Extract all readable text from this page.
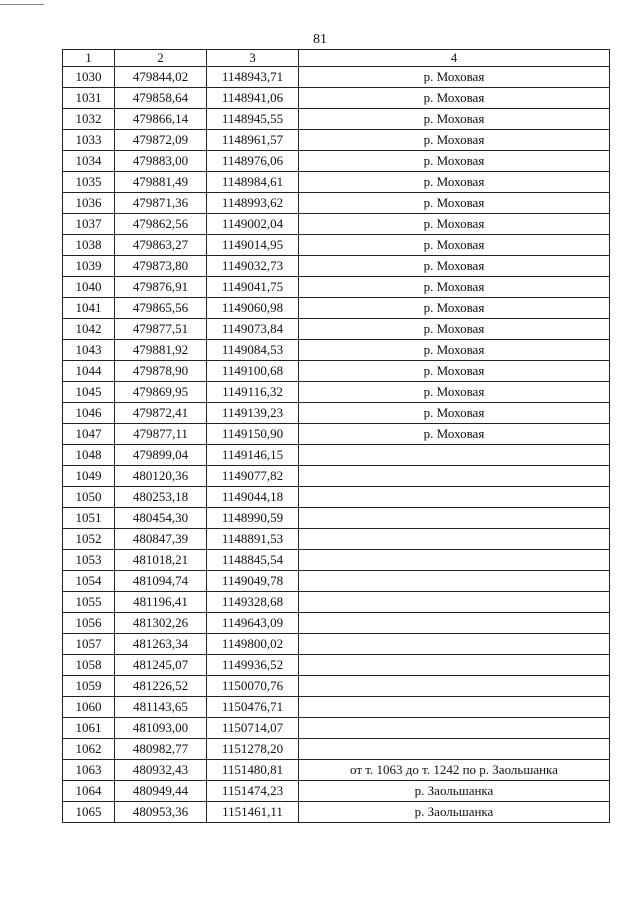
81
1	2	3	4
1030	479844,02	1148943,71	р. Моховая
1031	479858,64	1148941,06	р. Моховая
1032	479866,14	1148945,55	р. Моховая
1033	479872,09	1148961,57	р. Моховая
1034	479883,00	1148976,06	р. Моховая
1035	479881,49	1148984,61	р. Моховая
1036	479871,36	1148993,62	р. Моховая
1037	479862,56	1149002,04	р. Моховая
1038	479863,27	1149014,95	р. Моховая
1039	479873,80	1149032,73	р. Моховая
1040	479876,91	1149041,75	р. Моховая
1041	479865,56	1149060,98	р. Моховая
1042	479877,51	1149073,84	р. Моховая
1043	479881,92	1149084,53	р. Моховая
1044	479878,90	1149100,68	р. Моховая
1045	479869,95	1149116,32	р. Моховая
1046	479872,41	1149139,23	р. Моховая
1047	479877,11	1149150,90	р. Моховая
1048	479899,04	1149146,15	
1049	480120,36	1149077,82	
1050	480253,18	1149044,18	
1051	480454,30	1148990,59	
1052	480847,39	1148891,53	
1053	481018,21	1148845,54	
1054	481094,74	1149049,78	
1055	481196,41	1149328,68	
1056	481302,26	1149643,09	
1057	481263,34	1149800,02	
1058	481245,07	1149936,52	
1059	481226,52	1150070,76	
1060	481143,65	1150476,71	
1061	481093,00	1150714,07	
1062	480982,77	1151278,20	
1063	480932,43	1151480,81	от т. 1063 до т. 1242 по р. Заольшанка
1064	480949,44	1151474,23	р. Заольшанка
1065	480953,36	1151461,11	р. Заольшанка
